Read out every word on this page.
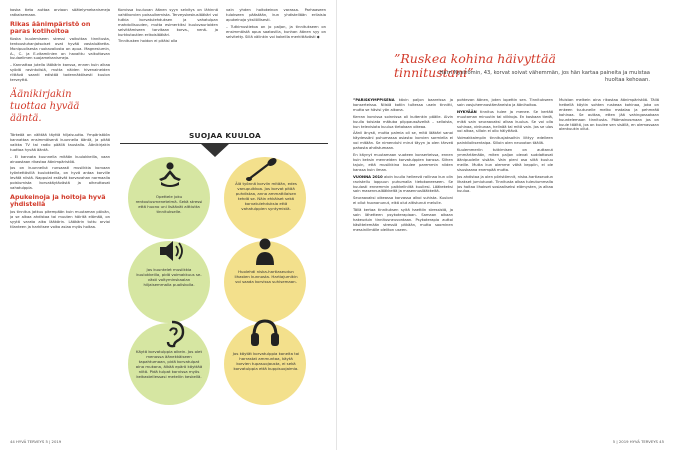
koska tieto auttaa arvioon säätelymekanismeja ratkaisemaan.

Rikas äänimpäristö on paras kotihoitoa

Koska kuulemiseen stressi vaikuttaa tinnitusta, tentoustuhanjatsoiset ovat hyvää vastaluäketta. Monipuolisesta ruokavaliosta on apua. Magnesiumin, A-, C- ja E-vitamiinien on havaittu vaikuttavan kuulaelimen suojamekanismeja.

– Kannattaa jutella lääkärin kanssa, ennen kuin alkaa syödä ravintolisiä, mutta näiden hivenaineiden riittävä saanti edistää todennäköisesti kuulon terveyttä.

Äänikirjakin tuottaa hyvää ääntä.

Tärkeää on välttää täyttä hiljaisuutta. Ympäristöön kannattaa ensimmäisenä kuunnella ääntä, ja pitää vaikka TV tai radio päällä taustalla. Äänikirjakin tuottaa hyvää ääntä.

– Ei kannata kuunnella mitään kuulokkeilla, vaan ainoastaan rikastaa äänimpäristöä.

Jos on kuunnellut runsaasti musiikkia korvaan työntettävillä kuulokkeilla, on hyvä antaa korville levätä niistä. Nappulat estävät korvavahan normaalia poistumista korvakäytävästä ja aiheuttavat vahatulppia.

Apukeinoja ja hoitoja hyvä yhdistellä

Jos tinnitus jatkuu pitempään kuin muutaman päivän, ja se alkaa ahdistaa tai muuten häiritä elämää, on syytä varata aika lääkärin. Lääkärin tuttu arvioi tilanteen ja harkitsee voiko asiaa myös hoitaa.

Korvissa kuuluvan äänen syyn selvitys on lähinnä vahtikorvien poissulkemista. Terveyskeskuslääkäri voi tutkia korvatulehduksen ja vahatulpan mahdollisuuden, mutta esimerkiksi kuulovaurioiden selvittämiseen tarvitaan korva-, nenä- ja kurkkutautien erikoislääkäri.

Tinnitusken hoidon ei pitäisi olla

vain yhden hoitokeinon varassa. Parhaaseen tulokseen päästään, kun yhdistellään erilaisia apukeinoja yksilöllisesti.

– Tutkimustietoa on jo paljon, ja tinnitukseen on ensimmäistä apua saatavilla, kunhan äänen syy on selvitetty. Sillä välinkin voi kokeilla merkittävästi ◆

SUOJAA KUULOA
Opettele joku rentoutusmenetelmä. Sekä stressi että huono uni lisäävät alttiutta tinnitukselle.
Älä työnnä korviin mitään, edes vanupuikkoa. Jos korvat pitää puhdistaa, anna ammattilaisen tehdä se. Näin ehkäiset sekä korvatulehduksia että vahatulppien syntymistä.
Jos kuuntelet musiikkia kuulokkeilla, pidä voimakkuus se-västi voltyminskaalan hiljaisemmalla puoliskolla.
Huolehdi niska-hartiaseudun lihasten kunnosta. Hartiajumikin voi saada korvissa suhisemaan.
Käytä korvatulppia aikein. Jos olet menossa äänekkäiseen tapahtumaan, pidä korvatulpat aina mukana, älkää epärö käyttää niitä. Pidä tulpat korvissa myös keikastellessasi meteliin keskellä.
Jos käytät korvatulppia koneita tai harrastat ammuntaa, käytä korvien tupasuojausta, ei sekä korvatulppia että kuppisuojaimia.
44 HYVÄ TERVEYS 5 | 2019

”PARISKYMPPISENÄ kävin paljon baareissa ja konserteissa. Niistä kotiin tultessa usein tinnitti, mutta se hävisi yön aikana.

Kerran korvissa soinnissa oli kuitenkin pääile. Alvin kuulla toisiata mätuba piippaussävelkä – sellaista, kun televisiota kuulua tietokaan oikeaa.

Äänii änysti, mutta palmia oli se, mitä lääkäri sanoi käydessäni puhumassa asiasta: korvien sormiella ei voi mitään. Se nimenduhi mirut täyyn ja olen tärveä pahasta ahdistumaan.

En käynyt muutamaan vuoteen konserteissa, ennen kuin keksin menneiden korvatulppien kanssa. Siihen tajuin, että musiikkina kuulee paremmin niiden kanssa kuin ilman.

VUONNA 2010 aloin kuulla helleevä rallinaa kun olin ravistellu loppuun puhumalla tietokoneeseen. Se kuulosti ennemmin paikkellniitä kuuliesi. Lääkekeksi sain masennuslääkkeitä ja masennuslääkkeitä.

Seuraavaksi oikeassa korvassa alkoi suhista. Kuuloni ei ollut huononunut, eikä olut altistunut melulle.

Tällä kertaa tinnituksen syitä haettiin stressistä, ja sain lähetteen psykoterapiaan. Samaan aikaan hakeuduin tinnitusneuvontaan. Psykoterapia auttoi käsittelemään stressiä pitkään, mutta soominen messinillmälle oleliton useen.

pohtevan äänen, joten lopettin sen. Tinnitukseen sain vasjuhemnostämäneista ja äänihoitoa.

NYKYÄÄN tinnitus tulee ja menee. Se kertää muutaman minuutin tai viikkoja. En koskaan tiedä, mikä sain seuraavaksi alkaa kuulua. Se voi olla suhinaa, vinkunaa, helinää tai mitä vain. Jos se ulos voi alkaa, silloin ei ollo hälyttävä.

Voimakkaimpiin tinnitusjaksoihin liittyy edelleen painkiloiksentaipa. Silloin olen neuvoton täällä.

Kuulemmeriin tutkimisen on auttanut ymmärtämään, miten paljon olevat suddattavat äänipuolelle sisään. Vain pieni osa siitä kuuluu meille. Mutta kun olemme vähä keppiin, ei ole sisuskaana enempää mutta.

Jos ahdistaa ja olen pöristömnit, niska-hartiaseudun lihakset jumiutuvat. Tinnitusta alkaa tuleutummalla jos hoitaa lihakset sosiaaliseksi elämysten, ja alkaa kuulua.

Muistan melkein aina rikastaa äänimpäristöä. Tällä hetkellä käytin sohten ruskeaa kohinaa, joka on enkeen tuutunelle melko matalaa ja pehmeää kohinaa. Se auttaa, etten jää vahingossakaan kuuntelemaan tinnitusta. Päämainosmaan jos on kuule täältä, jos on kuulee sen sisällä, en olemassaan olenkuukin ollut.

Harri Nyströmin ääniharrastus on auttanut hänen kuulemaan kuuloansa ja pehmeä kohinaa rauhoittaa myös päivällä tinnitusta.
5 | 2019 HYVÄ TERVEYS 45
”Ruskea kohina häivyttää tinnitustani”
Harri Nyströmin, 43, korvat soivat vähemmän, jos hän kartaa paineita ja muistaa huoltaa kehoaan.
